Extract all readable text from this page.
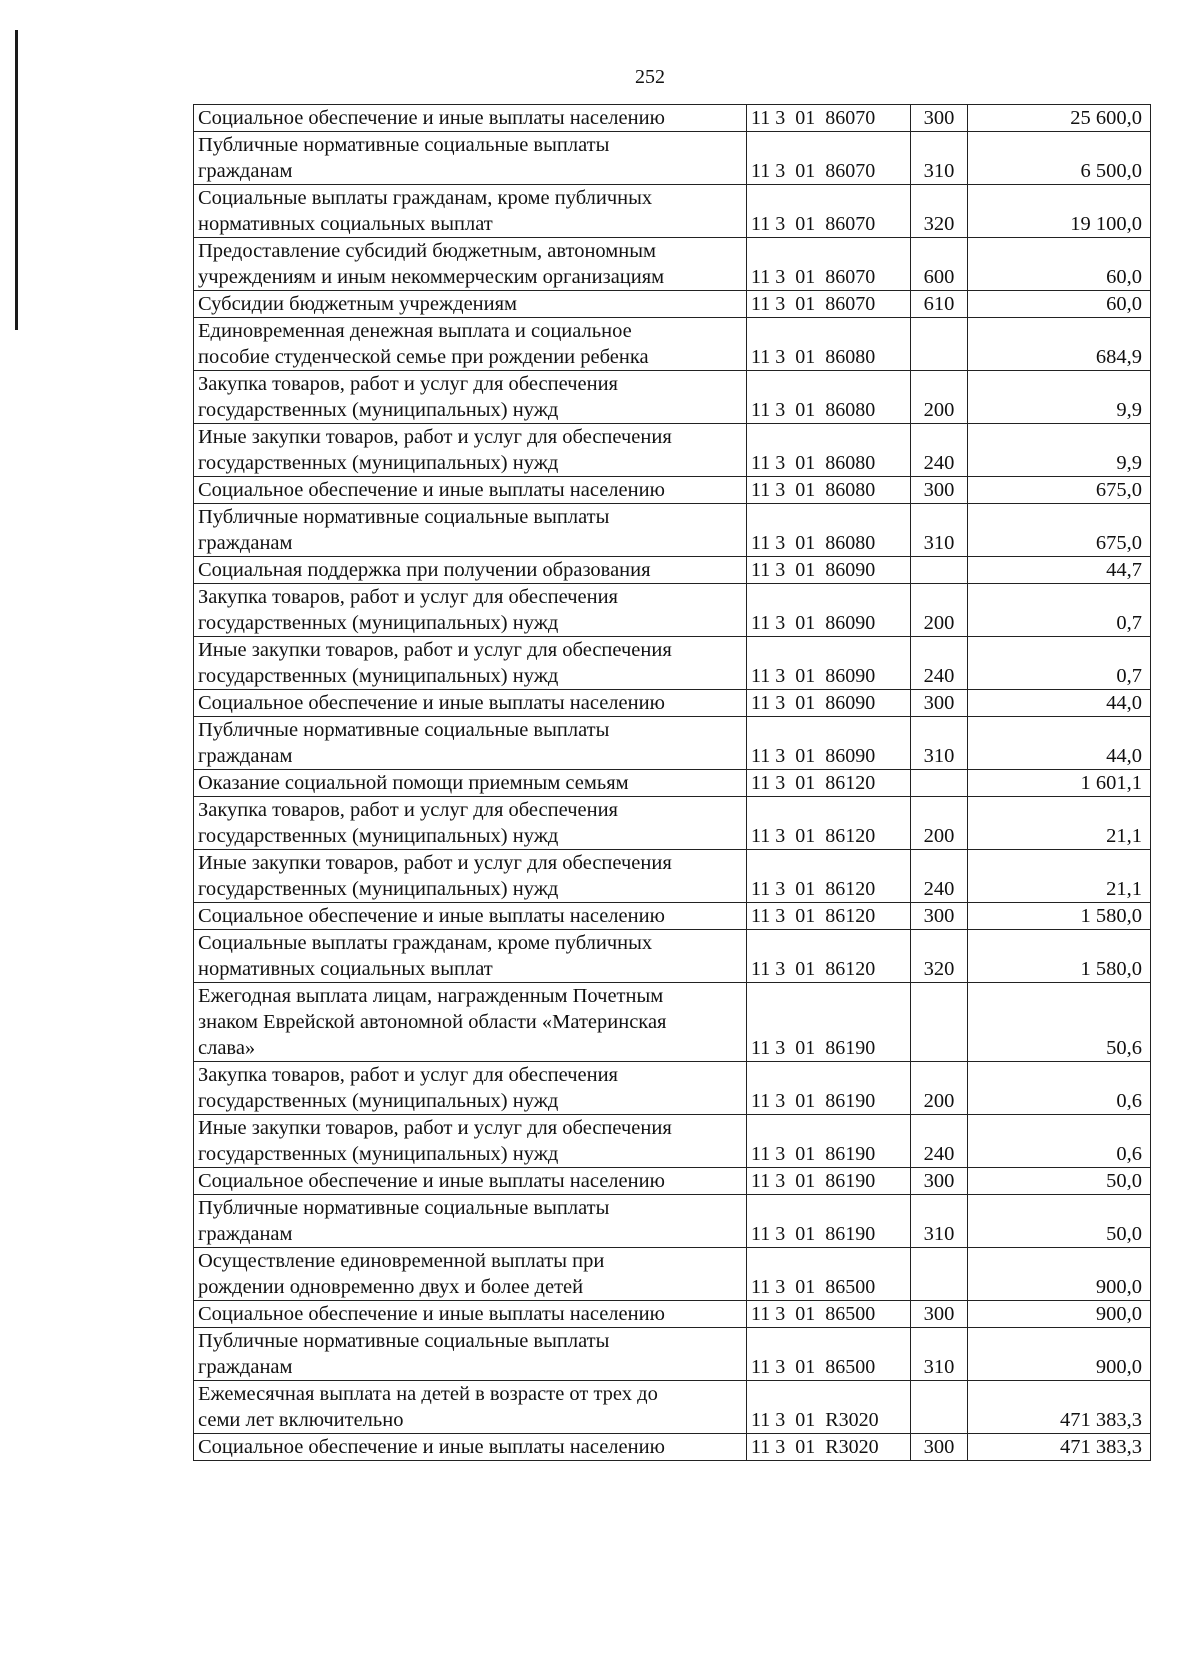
252
Социальное обеспечение и иные выплаты населению	11 3  01  86070	300	25 600,0
Публичные нормативные социальные выплаты
гражданам	11 3  01  86070	310	6 500,0
Социальные выплаты гражданам, кроме публичных
нормативных социальных выплат	11 3  01  86070	320	19 100,0
Предоставление субсидий бюджетным, автономным
учреждениям и иным некоммерческим организациям	11 3  01  86070	600	60,0
Субсидии бюджетным учреждениям	11 3  01  86070	610	60,0
Единовременная денежная выплата и социальное
пособие студенческой семье при рождении ребенка	11 3  01  86080		684,9
Закупка товаров, работ и услуг для обеспечения
государственных (муниципальных) нужд	11 3  01  86080	200	9,9
Иные закупки товаров, работ и услуг для обеспечения
государственных (муниципальных) нужд	11 3  01  86080	240	9,9
Социальное обеспечение и иные выплаты населению	11 3  01  86080	300	675,0
Публичные нормативные социальные выплаты
гражданам	11 3  01  86080	310	675,0
Социальная поддержка при получении образования	11 3  01  86090		44,7
Закупка товаров, работ и услуг для обеспечения
государственных (муниципальных) нужд	11 3  01  86090	200	0,7
Иные закупки товаров, работ и услуг для обеспечения
государственных (муниципальных) нужд	11 3  01  86090	240	0,7
Социальное обеспечение и иные выплаты населению	11 3  01  86090	300	44,0
Публичные нормативные социальные выплаты
гражданам	11 3  01  86090	310	44,0
Оказание социальной помощи приемным семьям	11 3  01  86120		1 601,1
Закупка товаров, работ и услуг для обеспечения
государственных (муниципальных) нужд	11 3  01  86120	200	21,1
Иные закупки товаров, работ и услуг для обеспечения
государственных (муниципальных) нужд	11 3  01  86120	240	21,1
Социальное обеспечение и иные выплаты населению	11 3  01  86120	300	1 580,0
Социальные выплаты гражданам, кроме публичных
нормативных социальных выплат	11 3  01  86120	320	1 580,0
Ежегодная выплата лицам, награжденным Почетным
знаком Еврейской автономной области «Материнская
слава»	11 3  01  86190		50,6
Закупка товаров, работ и услуг для обеспечения
государственных (муниципальных) нужд	11 3  01  86190	200	0,6
Иные закупки товаров, работ и услуг для обеспечения
государственных (муниципальных) нужд	11 3  01  86190	240	0,6
Социальное обеспечение и иные выплаты населению	11 3  01  86190	300	50,0
Публичные нормативные социальные выплаты
гражданам	11 3  01  86190	310	50,0
Осуществление единовременной выплаты при
рождении одновременно двух и более детей	11 3  01  86500		900,0
Социальное обеспечение и иные выплаты населению	11 3  01  86500	300	900,0
Публичные нормативные социальные выплаты
гражданам	11 3  01  86500	310	900,0
Ежемесячная выплата на детей в возрасте от трех до
семи лет включительно	11 3  01  R3020		471 383,3
Социальное обеспечение и иные выплаты населению	11 3  01  R3020	300	471 383,3
